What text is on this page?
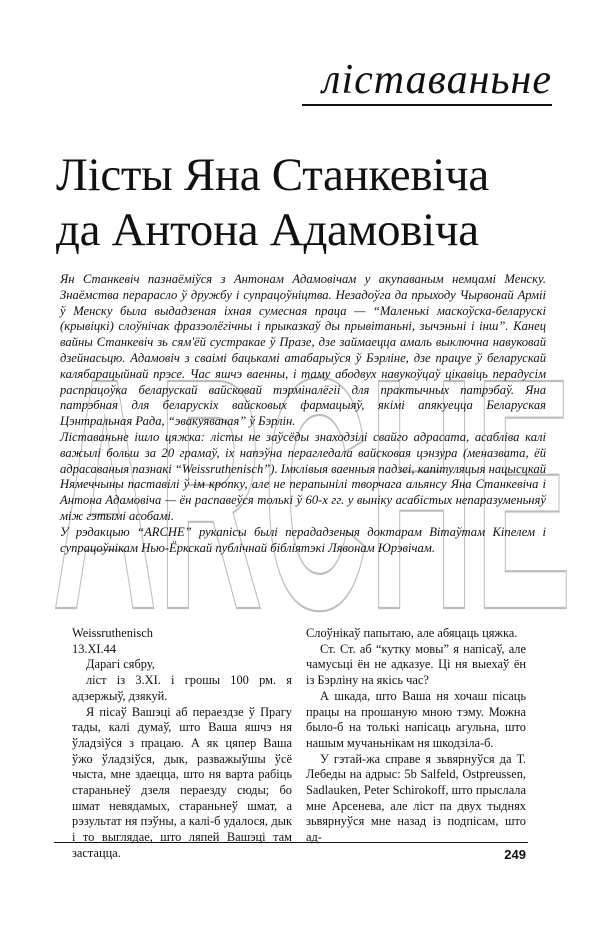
ARCHE
ліставаньне
Лісты Яна Станкевіча
да Антона Адамовіча

Ян Станкевіч пазнаёміўся з Антонам Адамовічам у акупаваным немцамі Менску. Знаёмства перарасло ў дружбу і супрацоўніцтва. Незадоўга да прыходу Чырвонай Арміі ў Менску была выдадзеная іхная сумесная праца — “Маленькі маскоўска-беларускі (крывіцкі) слоўнічак фразэолёгічны і прыказкаў ды прывітаньні, зычэньні і інш”. Канец вайны Станкевіч зь сям'ёй сустракае ў Празе, дзе займаецца амаль выключна навуковай дзейнасьцю. Адамовіч з сваімі бацькамі атабарыўся ў Бэрліне, дзе працуе ў беларускай калябарацыйнай прэсе. Час яшчэ ваенны, і таму абодвух навукоўцаў цікавіць перадусім распрацоўка беларускай вайсковай тэрміналёгіі для практычных патрэбаў. Яна патрэбная для беларускіх вайсковых фармацыяў, якімі апякуецца Беларуская Цэнтральная Рада, “эвакуяваная” ў Бэрлін.

Ліставаньне ішло цяжка: лісты не заўсёды знаходзілі свайго адрасата, асабліва калі важылі больш за 20 грамаў, іх напэўна перагледала вайсковая цэнзура (меназвата, ёй адрасаваныя пазнакі “Weissruthenisch”). Імклівыя ваенныя падзеі, капітуляцыя нацысцкай Нямеччыны паставілі ў ім кропку, але не перапынілі творчага альянсу Яна Станкевіча і Антона Адамовіча — ён распавеўся толькі ў 60-х гг. у выніку асабістых непаразуменьняў між гэтымі асобамі.

У рэдакцыю “ARCHE” рукапісы былі перададзеныя доктарам Вітаўтам Кіпелем і супрацоўнікам Нью-Ёркскай публічнай бібліятэкі Лявонам Юрэвічам.

Weissruthenisch

13.XI.44

Дарагі сябру,

ліст із 3.XI. і грошы 100 рм. я адзержыў, дзякуй.

Я пісаў Вашэці аб пераездзе ў Прагу тады, калі думаў, што Ваша яшчэ ня ўладзіўся з працаю. А як цяпер Ваша ўжо ўладзіўся, дык, разважыўшы ўсё чыста, мне здаецца, што ня варта рабіць стараньнеў дзеля пераезду сюды; бо шмат невядамых, стараньнеў шмат, а рэзультат ня пэўны, а калі-б удалося, дык і то выглядае, што ляпей Вашэці там застацца.

Слоўнікаў папытаю, але абяцаць цяжка.

Ст. Ст. аб “кутку мовы” я напісаў, але чамусьці ён не адказуе. Ці ня выехаў ён із Бэрліну на якісь час?

А шкада, што Ваша ня хочаш пісаць працы на прошаную мною тэму. Можна было-б на толькі напісаць агульна, што нашым мучаньнікам ня шкодзіла-б.

У гэтай-жа справе я зьвярнуўся да Т. Лебеды на адрыс: 5b Salfeld, Ostpreussen, Sadlauken, Peter Schirokoff, што прыслала мне Арсенева, але ліст па двух тыднях зьвярнуўся мне назад із подпісам, што ад-

249
